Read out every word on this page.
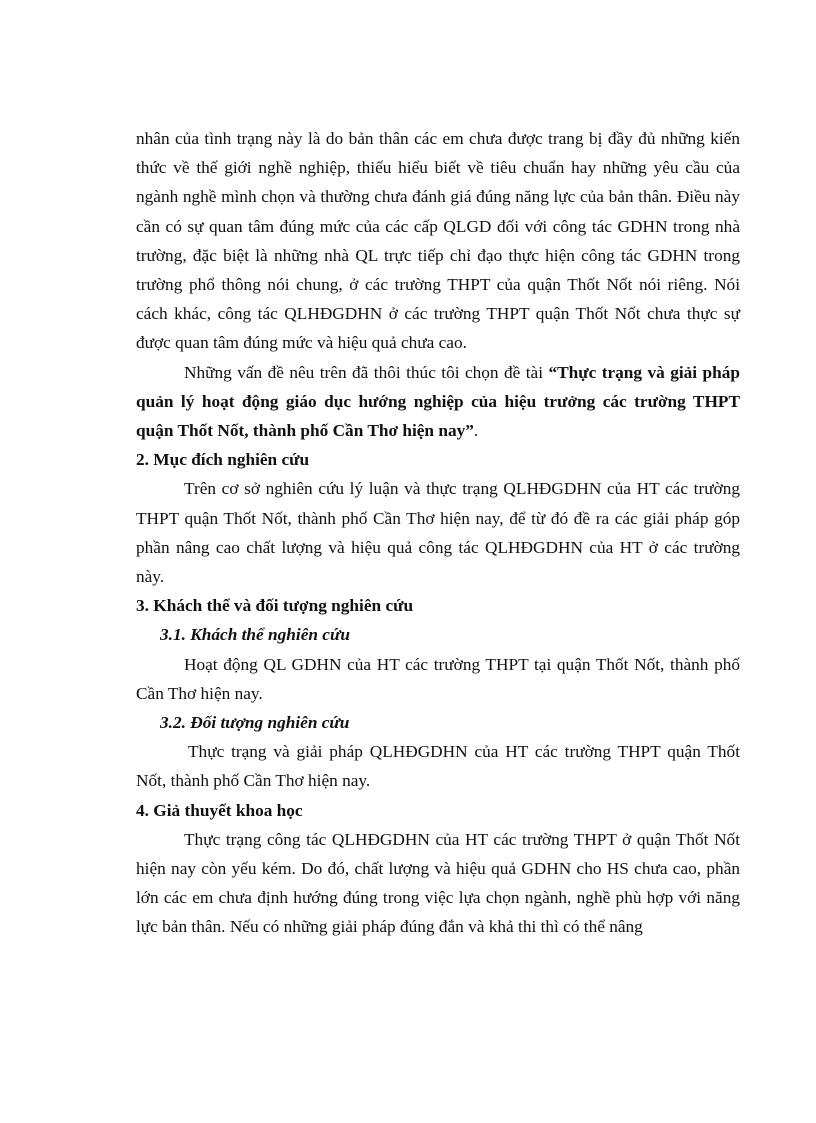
nhân của tình trạng này là do bản thân các em chưa được trang bị đầy đủ những kiến thức về thế giới nghề nghiệp, thiếu hiểu biết về tiêu chuẩn hay những yêu cầu của ngành nghề mình chọn và thường chưa đánh giá đúng năng lực của bản thân. Điều này cần có sự quan tâm đúng mức của các cấp QLGD đối với công tác GDHN trong nhà trường, đặc biệt là những nhà QL trực tiếp chỉ đạo thực hiện công tác GDHN trong trường phổ thông nói chung, ở các trường THPT của quận Thốt Nốt nói riêng. Nói cách khác, công tác QLHĐGDHN ở các trường THPT quận Thốt Nốt chưa thực sự được quan tâm đúng mức và hiệu quả chưa cao.

Những vấn đề nêu trên đã thôi thúc tôi chọn đề tài “Thực trạng và giải pháp quản lý hoạt động giáo dục hướng nghiệp của hiệu trưởng các trường THPT quận Thốt Nốt, thành phố Cần Thơ hiện nay”.

2. Mục đích nghiên cứu

Trên cơ sở nghiên cứu lý luận và thực trạng QLHĐGDHN của HT các trường THPT quận Thốt Nốt, thành phố Cần Thơ hiện nay, để từ đó đề ra các giải pháp góp phần nâng cao chất lượng và hiệu quả công tác QLHĐGDHN của HT ở các trường này.

3. Khách thể và đối tượng nghiên cứu
3.1. Khách thể nghiên cứu

Hoạt động QL GDHN của HT các trường THPT tại quận Thốt Nốt, thành phố Cần Thơ hiện nay.

3.2. Đối tượng nghiên cứu

Thực trạng và giải pháp QLHĐGDHN của HT các trường THPT quận Thốt Nốt, thành phố Cần Thơ hiện nay.

4. Giả thuyết khoa học

Thực trạng công tác QLHĐGDHN của HT các trường THPT ở quận Thốt Nốt hiện nay còn yếu kém. Do đó, chất lượng và hiệu quả GDHN cho HS chưa cao, phần lớn các em chưa định hướng đúng trong việc lựa chọn ngành, nghề phù hợp với năng lực bản thân. Nếu có những giải pháp đúng đắn và khả thi thì có thể nâng
